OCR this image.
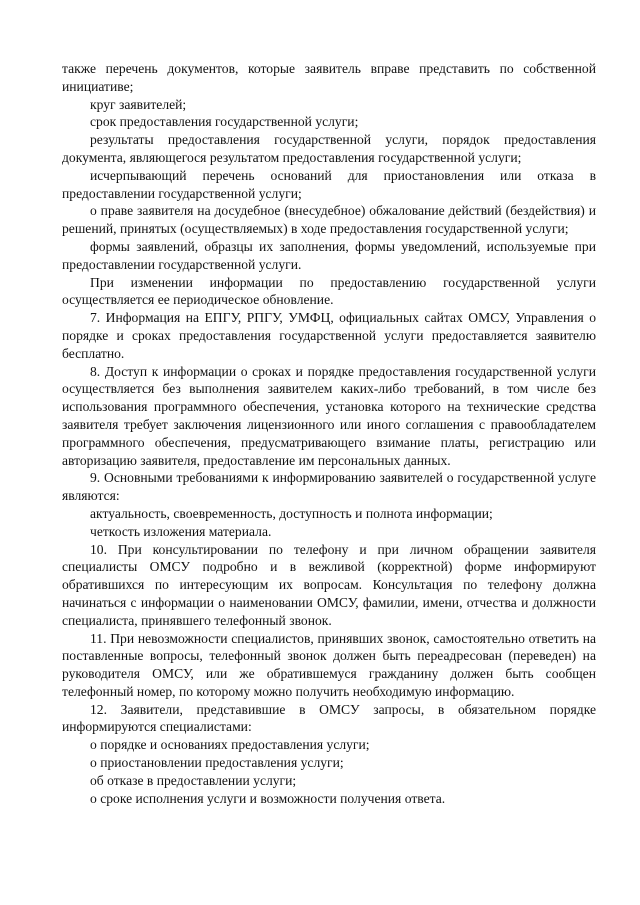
также перечень документов, которые заявитель вправе представить по собственной инициативе;

круг заявителей;

срок предоставления государственной услуги;

результаты предоставления государственной услуги, порядок предоставления документа, являющегося результатом предоставления государственной услуги;

исчерпывающий перечень оснований для приостановления или отказа в предоставлении государственной услуги;

о праве заявителя на досудебное (внесудебное) обжалование действий (бездействия) и решений, принятых (осуществляемых) в ходе предоставления государственной услуги;

формы заявлений, образцы их заполнения, формы уведомлений, используемые при предоставлении государственной услуги.

При изменении информации по предоставлению государственной услуги осуществляется ее периодическое обновление.

7. Информация на ЕПГУ, РПГУ, УМФЦ, официальных сайтах ОМСУ, Управления о порядке и сроках предоставления государственной услуги предоставляется заявителю бесплатно.

8. Доступ к информации о сроках и порядке предоставления государственной услуги осуществляется без выполнения заявителем каких-либо требований, в том числе без использования программного обеспечения, установка которого на технические средства заявителя требует заключения лицензионного или иного соглашения с правообладателем программного обеспечения, предусматривающего взимание платы, регистрацию или авторизацию заявителя, предоставление им персональных данных.

9. Основными требованиями к информированию заявителей о государственной услуге являются:

актуальность, своевременность, доступность и полнота информации;

четкость изложения материала.

10. При консультировании по телефону и при личном обращении заявителя специалисты ОМСУ подробно и в вежливой (корректной) форме информируют обратившихся по интересующим их вопросам. Консультация по телефону должна начинаться с информации о наименовании ОМСУ, фамилии, имени, отчества и должности специалиста, принявшего телефонный звонок.

11. При невозможности специалистов, принявших звонок, самостоятельно ответить на поставленные вопросы, телефонный звонок должен быть переадресован (переведен) на руководителя ОМСУ, или же обратившемуся гражданину должен быть сообщен телефонный номер, по которому можно получить необходимую информацию.

12. Заявители, представившие в ОМСУ запросы, в обязательном порядке информируются специалистами:

о порядке и основаниях предоставления услуги;

о приостановлении предоставления услуги;

об отказе в предоставлении услуги;

о сроке исполнения услуги и возможности получения ответа.
